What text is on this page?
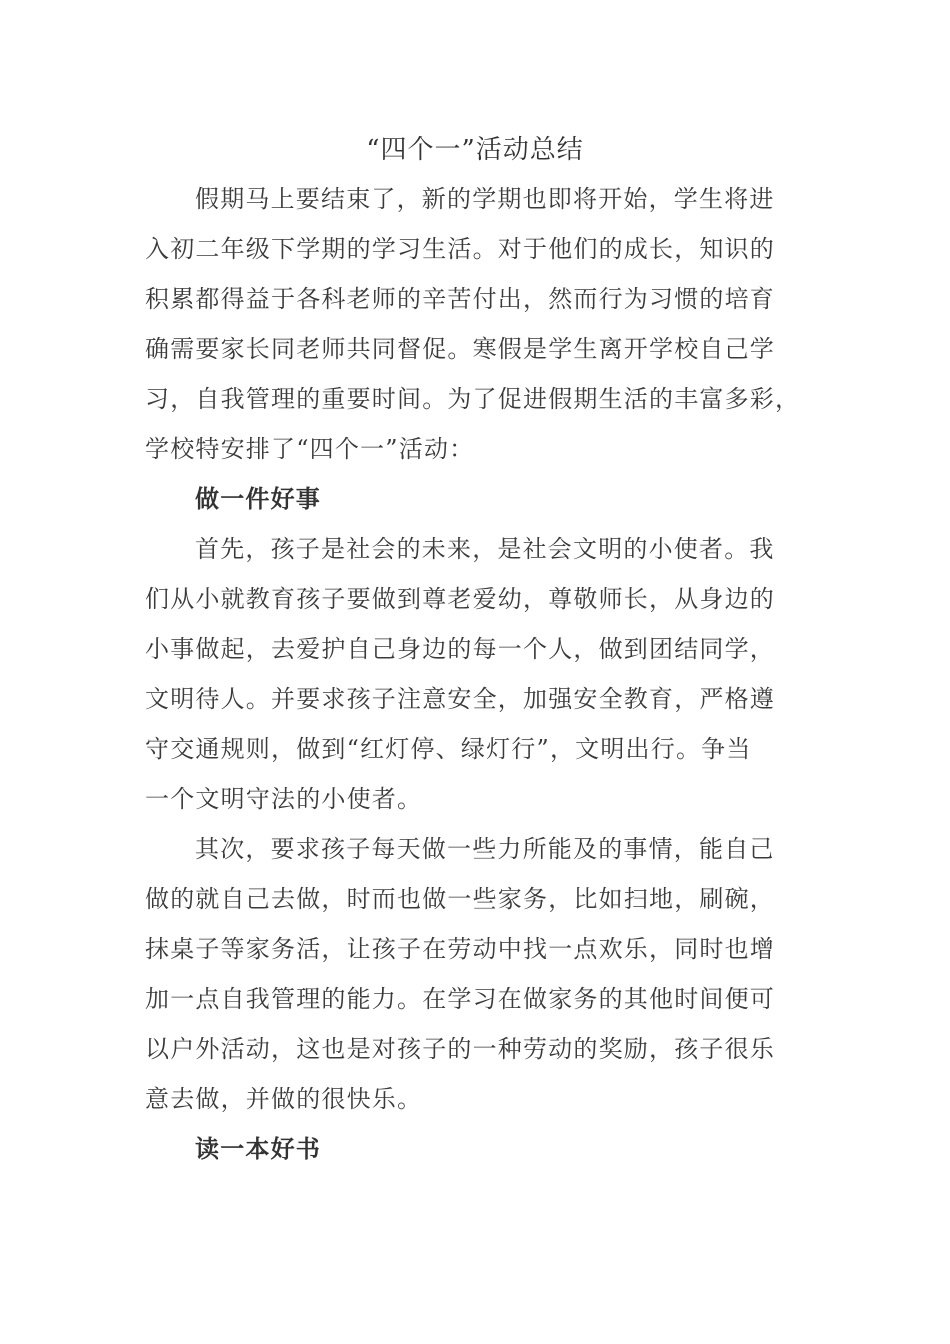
“四个一”活动总结
假期马上要结束了，新的学期也即将开始，学生将进
入初二年级下学期的学习生活。对于他们的成长，知识的
积累都得益于各科老师的辛苦付出，然而行为习惯的培育
确需要家长同老师共同督促。寒假是学生离开学校自己学
习，自我管理的重要时间。为了促进假期生活的丰富多彩，
学校特安排了“四个一”活动：
做一件好事
首先，孩子是社会的未来，是社会文明的小使者。我
们从小就教育孩子要做到尊老爱幼，尊敬师长，从身边的
小事做起，去爱护自己身边的每一个人，做到团结同学，
文明待人。并要求孩子注意安全，加强安全教育，严格遵
守交通规则，做到“红灯停、绿灯行”，文明出行。争当
一个文明守法的小使者。
其次，要求孩子每天做一些力所能及的事情，能自己
做的就自己去做，时而也做一些家务，比如扫地，刷碗，
抹桌子等家务活，让孩子在劳动中找一点欢乐，同时也增
加一点自我管理的能力。在学习在做家务的其他时间便可
以户外活动，这也是对孩子的一种劳动的奖励，孩子很乐
意去做，并做的很快乐。
读一本好书
